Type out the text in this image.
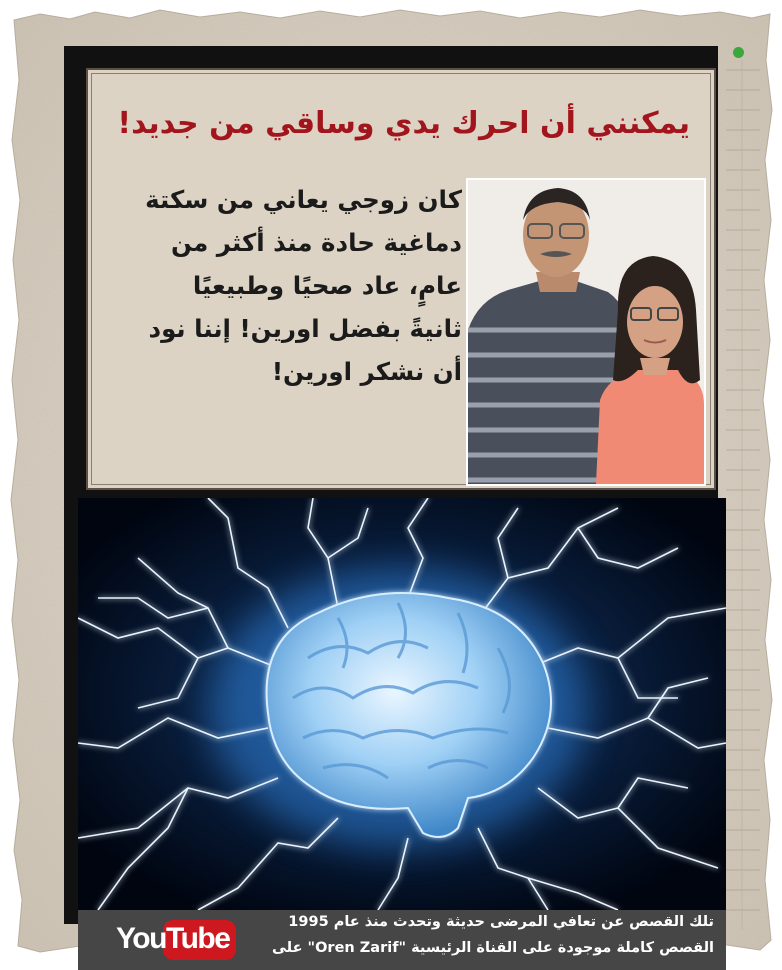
يمكنني أن احرك يدي وساقي من جديد!
كان زوجي يعاني من سكتة
دماغية حادة منذ أكثر من
عامٍ، عاد صحيًا وطبيعيًا
ثانيةً بفضل اورين! إننا نود
أن نشكر اورين!
You Tube	تلك القصص عن تعافي المرضى حديثة وتحدث منذ عام 1995
القصص كاملة موجودة على القناة الرئيسية "Oren Zarif" على
